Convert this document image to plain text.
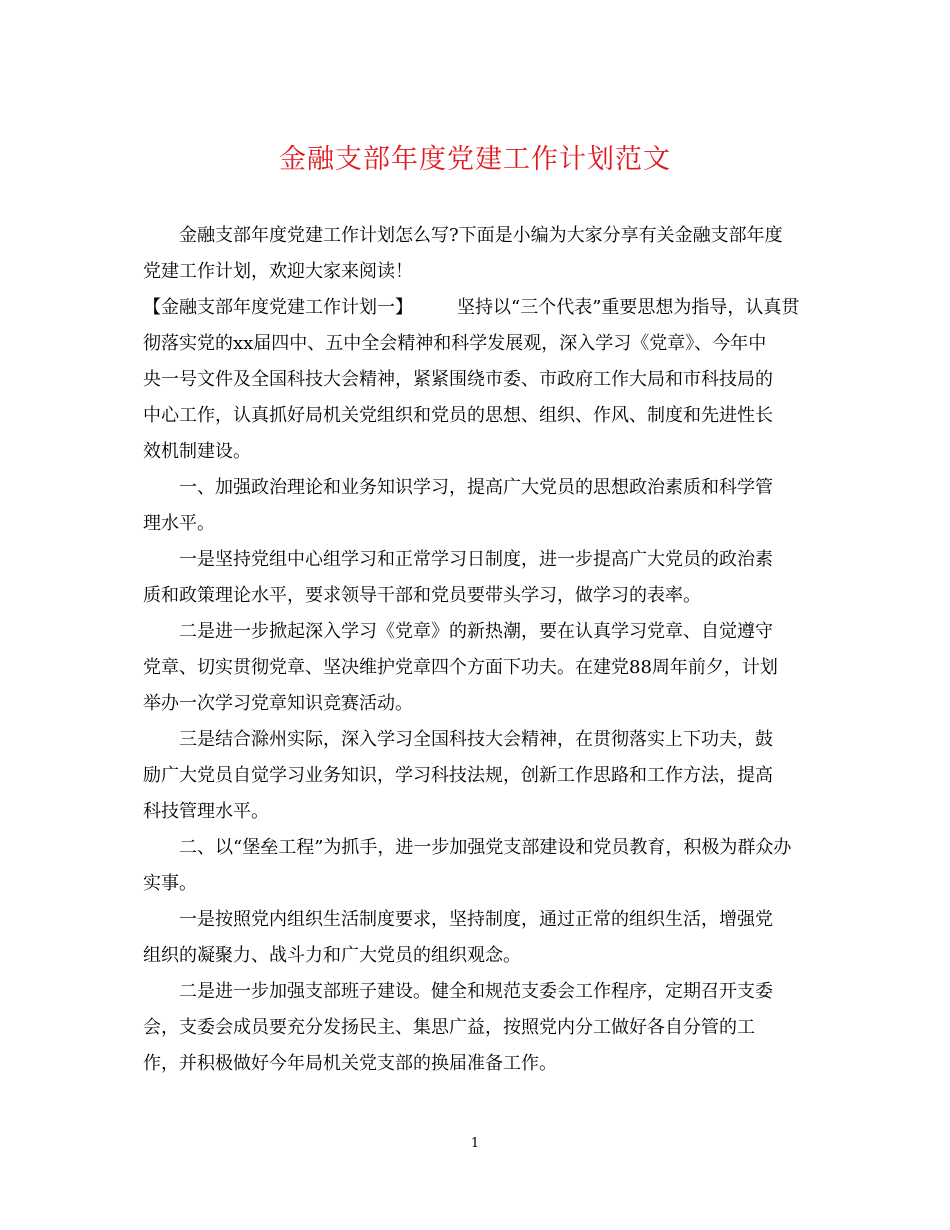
金融支部年度党建工作计划范文
金融支部年度党建工作计划怎么写?下面是小编为大家分享有关金融支部年度
党建工作计划，欢迎大家来阅读！
【金融支部年度党建工作计划一】 坚持以“三个代表”重要思想为指导，认真贯
彻落实党的xx届四中、五中全会精神和科学发展观，深入学习《党章》、今年中
央一号文件及全国科技大会精神，紧紧围绕市委、市政府工作大局和市科技局的
中心工作，认真抓好局机关党组织和党员的思想、组织、作风、制度和先进性长
效机制建设。
一、加强政治理论和业务知识学习，提高广大党员的思想政治素质和科学管
理水平。
一是坚持党组中心组学习和正常学习日制度，进一步提高广大党员的政治素
质和政策理论水平，要求领导干部和党员要带头学习，做学习的表率。
二是进一步掀起深入学习《党章》的新热潮，要在认真学习党章、自觉遵守
党章、切实贯彻党章、坚决维护党章四个方面下功夫。在建党88周年前夕，计划
举办一次学习党章知识竞赛活动。
三是结合滁州实际，深入学习全国科技大会精神，在贯彻落实上下功夫，鼓
励广大党员自觉学习业务知识，学习科技法规，创新工作思路和工作方法，提高
科技管理水平。
二、以“堡垒工程”为抓手，进一步加强党支部建设和党员教育，积极为群众办
实事。
一是按照党内组织生活制度要求，坚持制度，通过正常的组织生活，增强党
组织的凝聚力、战斗力和广大党员的组织观念。
二是进一步加强支部班子建设。健全和规范支委会工作程序，定期召开支委
会，支委会成员要充分发扬民主、集思广益，按照党内分工做好各自分管的工
作，并积极做好今年局机关党支部的换届准备工作。
1
